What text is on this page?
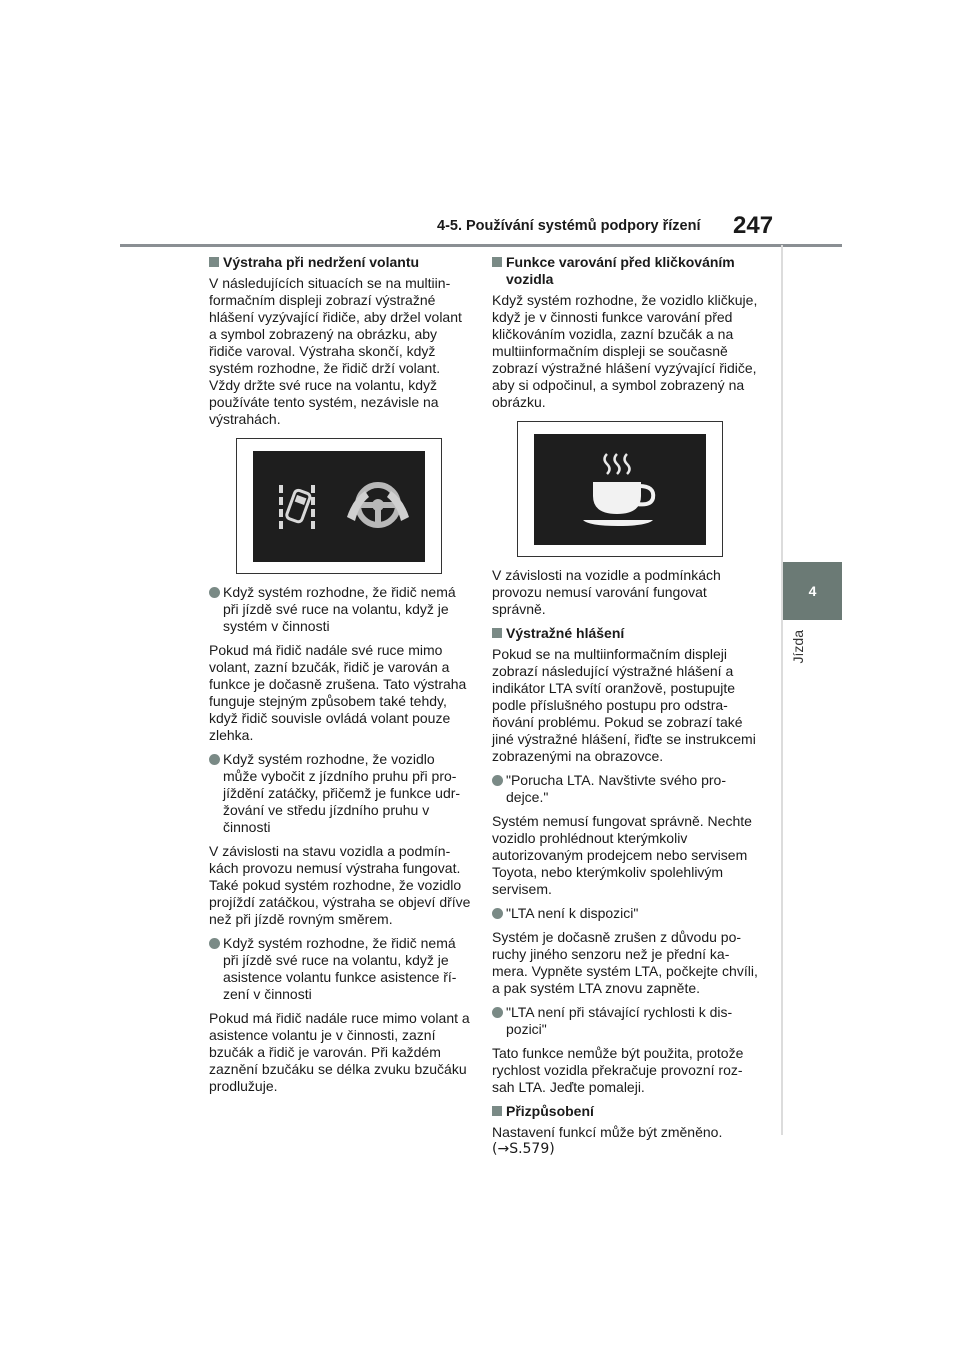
4-5. Používání systémů podpory řízení 247
4
Jízda
Výstraha při nedržení volantu
V následujících situacích se na multiinformačním displeji zobrazí výstražné hlášení vyzývající řidiče, aby držel volant a symbol zobrazený na obrázku, aby řidiče varoval. Výstraha skončí, když systém rozhodne, že řidič drží volant. Vždy držte své ruce na volantu, když používáte tento systém, nezávisle na výstrahách.
Když systém rozhodne, že řidič nemá při jízdě své ruce na volantu, když je systém v činnosti
Pokud má řidič nadále své ruce mimo volant, zazní bzučák, řidič je varován a funkce je dočasně zrušena. Tato výstraha funguje stejným způsobem také tehdy, když řidič souvisle ovládá volant pouze zlehka.
Když systém rozhodne, že vozidlo může vybočit z jízdního pruhu při projíždění zatáčky, přičemž je funkce udržování ve středu jízdního pruhu v činnosti
V závislosti na stavu vozidla a podmínkách provozu nemusí výstraha fungovat. Také pokud systém rozhodne, že vozidlo projíždí zatáčkou, výstraha se objeví dříve než při jízdě rovným směrem.
Když systém rozhodne, že řidič nemá při jízdě své ruce na volantu, když je asistence volantu funkce asistence řízení v činnosti
Pokud má řidič nadále ruce mimo volant a asistence volantu je v činnosti, zazní bzučák a řidič je varován. Při každém zaznění bzučáku se délka zvuku bzučáku prodlužuje.
Funkce varování před kličkováním vozidla
Když systém rozhodne, že vozidlo kličkuje, když je v činnosti funkce varování před kličkováním vozidla, zazní bzučák a na multiinformačním displeji se současně zobrazí výstražné hlášení vyzývající řidiče, aby si odpočinul, a symbol zobrazený na obrázku.
V závislosti na vozidle a podmínkách provozu nemusí varování fungovat správně.
Výstražné hlášení
Pokud se na multiinformačním displeji zobrazí následující výstražné hlášení a indikátor LTA svítí oranžově, postupujte podle příslušného postupu pro odstraňování problému. Pokud se zobrazí také jiné výstražné hlášení, řiďte se instrukcemi zobrazenými na obrazovce.
"Porucha LTA. Navštivte svého prodejce."
Systém nemusí fungovat správně. Nechte vozidlo prohlédnout kterýmkoliv autorizovaným prodejcem nebo servisem Toyota, nebo kterýmkoliv spolehlivým servisem.
"LTA není k dispozici"
Systém je dočasně zrušen z důvodu poruchy jiného senzoru než je přední kamera. Vypněte systém LTA, počkejte chvíli, a pak systém LTA znovu zapněte.
"LTA není při stávající rychlosti k dispozici"
Tato funkce nemůže být použita, protože rychlost vozidla překračuje provozní rozsah LTA. Jeďte pomaleji.
Přizpůsobení
Nastavení funkcí může být změněno.
(→S.579)
